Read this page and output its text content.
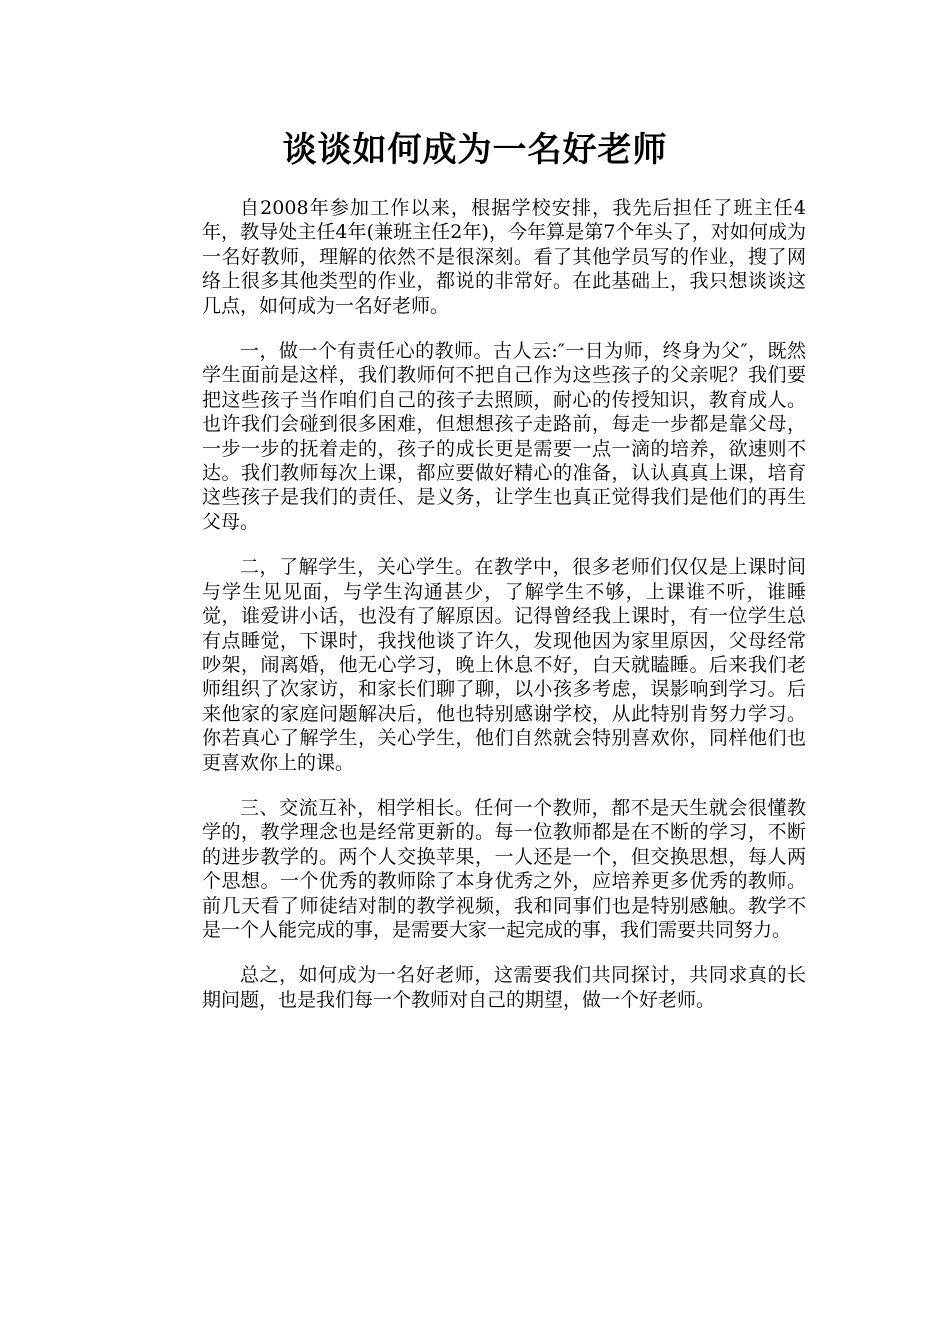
谈谈如何成为一名好老师

自2008年参加工作以来，根据学校安排，我先后担任了班主任4年，教导处主任4年(兼班主任2年)，今年算是第7个年头了，对如何成为一名好教师，理解的依然不是很深刻。看了其他学员写的作业，搜了网络上很多其他类型的作业，都说的非常好。在此基础上，我只想谈谈这几点，如何成为一名好老师。

一，做一个有责任心的教师。古人云:″一日为师，终身为父″，既然学生面前是这样，我们教师何不把自己作为这些孩子的父亲呢？我们要把这些孩子当作咱们自己的孩子去照顾，耐心的传授知识，教育成人。也许我们会碰到很多困难，但想想孩子走路前，每走一步都是靠父母，一步一步的抚着走的，孩子的成长更是需要一点一滴的培养，欲速则不达。我们教师每次上课，都应要做好精心的准备，认认真真上课，培育这些孩子是我们的责任、是义务，让学生也真正觉得我们是他们的再生父母。

二，了解学生，关心学生。在教学中，很多老师们仅仅是上课时间与学生见见面，与学生沟通甚少，了解学生不够，上课谁不听，谁睡觉，谁爱讲小话，也没有了解原因。记得曾经我上课时，有一位学生总有点睡觉，下课时，我找他谈了许久，发现他因为家里原因，父母经常吵架，闹离婚，他无心学习，晚上休息不好，白天就瞌睡。后来我们老师组织了次家访，和家长们聊了聊，以小孩多考虑，误影响到学习。后来他家的家庭问题解决后，他也特别感谢学校，从此特别肯努力学习。你若真心了解学生，关心学生，他们自然就会特别喜欢你，同样他们也更喜欢你上的课。

三、交流互补，相学相长。任何一个教师，都不是天生就会很懂教学的，教学理念也是经常更新的。每一位教师都是在不断的学习，不断的进步教学的。两个人交换苹果，一人还是一个，但交换思想，每人两个思想。一个优秀的教师除了本身优秀之外，应培养更多优秀的教师。前几天看了师徒结对制的教学视频，我和同事们也是特别感触。教学不是一个人能完成的事，是需要大家一起完成的事，我们需要共同努力。

总之，如何成为一名好老师，这需要我们共同探讨，共同求真的长期问题，也是我们每一个教师对自己的期望，做一个好老师。
